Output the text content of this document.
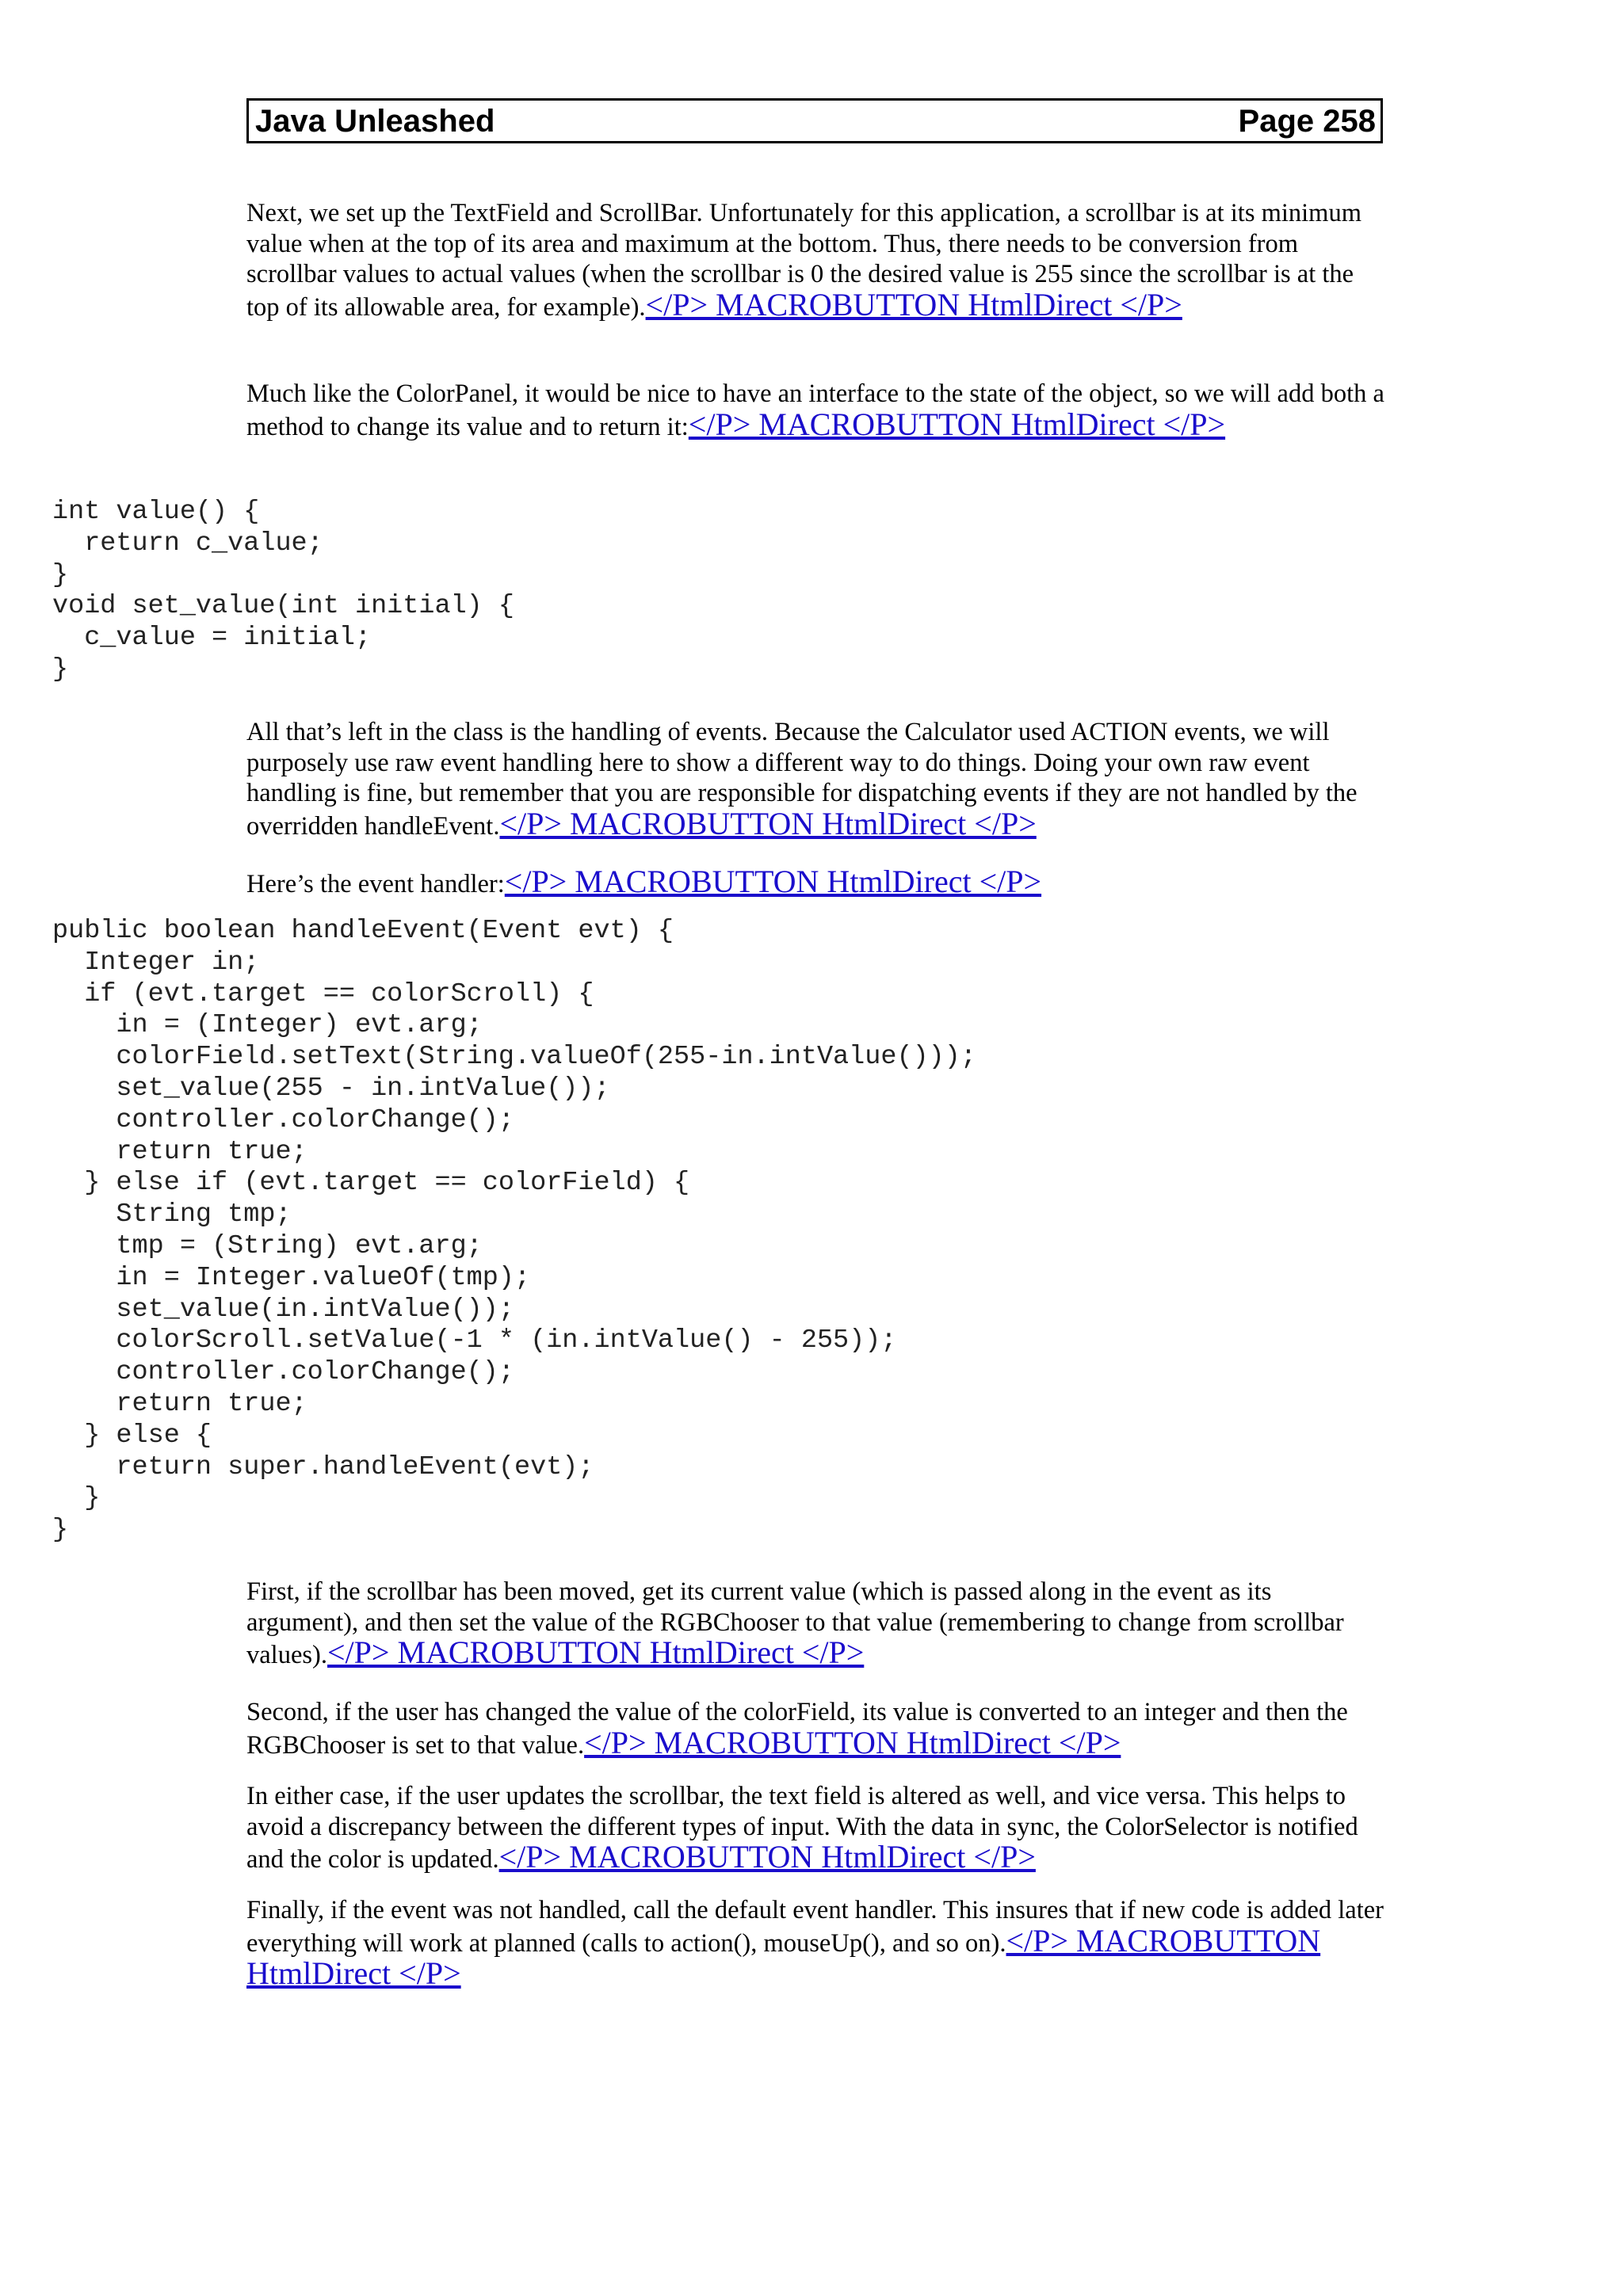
Java Unleashed	Page 258

Next, we set up the TextField and ScrollBar. Unfortunately for this application, a scrollbar is at its minimum value when at the top of its area and maximum at the bottom. Thus, there needs to be conversion from scrollbar values to actual values (when the scrollbar is 0 the desired value is 255 since the scrollbar is at the top of its allowable area, for example).</P> MACROBUTTON HtmlDirect </P>

Much like the ColorPanel, it would be nice to have an interface to the state of the object, so we will add both a method to change its value and to return it:</P> MACROBUTTON HtmlDirect </P>

int value() {
return c_value;
}
void set_value(int initial) {
c_value = initial;
}

All that’s left in the class is the handling of events. Because the Calculator used ACTION events, we will purposely use raw event handling here to show a different way to do things. Doing your own raw event handling is fine, but remember that you are responsible for dispatching events if they are not handled by the overridden handleEvent.</P> MACROBUTTON HtmlDirect </P>

Here’s the event handler:</P> MACROBUTTON HtmlDirect </P>

public boolean handleEvent(Event evt) {
Integer in;
if (evt.target == colorScroll) {
in = (Integer) evt.arg;
colorField.setText(String.valueOf(255-in.intValue()));
set_value(255 - in.intValue());
controller.colorChange();
return true;
} else if (evt.target == colorField) {
String tmp;
tmp = (String) evt.arg;
in = Integer.valueOf(tmp);
set_value(in.intValue());
colorScroll.setValue(-1 * (in.intValue() - 255));
controller.colorChange();
return true;
} else {
return super.handleEvent(evt);
}
}

First, if the scrollbar has been moved, get its current value (which is passed along in the event as its argument), and then set the value of the RGBChooser to that value (remembering to change from scrollbar values).</P> MACROBUTTON HtmlDirect </P>

Second, if the user has changed the value of the colorField, its value is converted to an integer and then the RGBChooser is set to that value.</P> MACROBUTTON HtmlDirect </P>

In either case, if the user updates the scrollbar, the text field is altered as well, and vice versa. This helps to avoid a discrepancy between the different types of input. With the data in sync, the ColorSelector is notified and the color is updated.</P> MACROBUTTON HtmlDirect </P>

Finally, if the event was not handled, call the default event handler. This insures that if new code is added later everything will work at planned (calls to action(), mouseUp(), and so on).</P> MACROBUTTON HtmlDirect </P>
